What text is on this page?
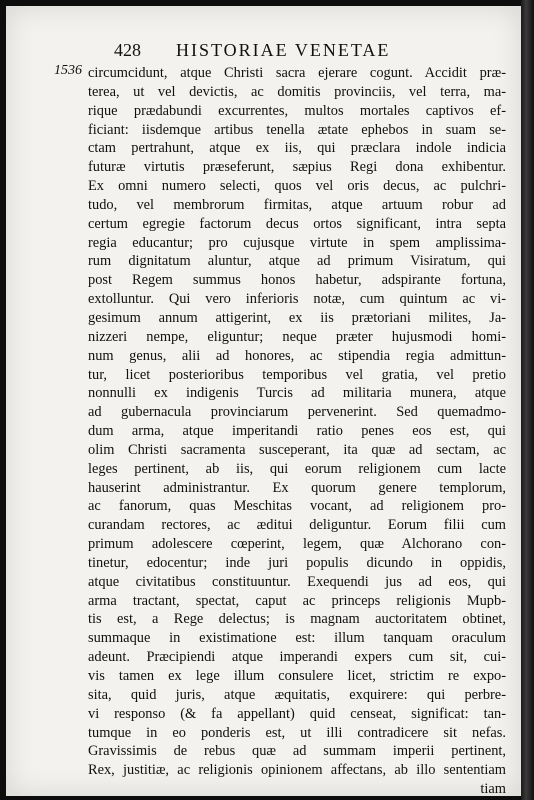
428 HISTORIAE VENETAE
1536 circumcidunt, atque Christi sacra ejerare cogunt. Accidit præ-
terea, ut vel devictis, ac domitis provinciis, vel terra, ma-
rique prædabundi excurrentes, multos mortales captivos ef-
ficiant: iisdemque artibus tenella ætate ephebos in suam se-
ctam pertrahunt, atque ex iis, qui præclara indole indicia
futuræ virtutis præseferunt, sæpius Regi dona exhibentur.
Ex omni numero selecti, quos vel oris decus, ac pulchri-
tudo, vel membrorum firmitas, atque artuum robur ad
certum egregie factorum decus ortos significant, intra septa
regia educantur; pro cujusque virtute in spem amplissima-
rum dignitatum aluntur, atque ad primum Visiratum, qui
post Regem summus honos habetur, adspirante fortuna,
extolluntur. Qui vero inferioris notæ, cum quintum ac vi-
gesimum annum attigerint, ex iis prætoriani milites, Ja-
nizzeri nempe, eliguntur; neque præter hujusmodi homi-
num genus, alii ad honores, ac stipendia regia admittun-
tur, licet posterioribus temporibus vel gratia, vel pretio
nonnulli ex indigenis Turcis ad militaria munera, atque
ad gubernacula provinciarum pervenerint. Sed quemadmo-
dum arma, atque imperitandi ratio penes eos est, qui
olim Christi sacramenta susceperant, ita quæ ad sectam, ac
leges pertinent, ab iis, qui eorum religionem cum lacte
hauserint administrantur. Ex quorum genere templorum,
ac fanorum, quas Meschitas vocant, ad religionem pro-
curandam rectores, ac æditui deliguntur. Eorum filii cum
primum adolescere cœperint, legem, quæ Alchorano con-
tinetur, edocentur; inde juri populis dicundo in oppidis,
atque civitatibus constituuntur. Exequendi jus ad eos, qui
arma tractant, spectat, caput ac princeps religionis Mupb-
tis est, a Rege delectus; is magnam auctoritatem obtinet,
summaque in existimatione est: illum tanquam oraculum
adeunt. Præcipiendi atque imperandi expers cum sit, cui-
vis tamen ex lege illum consulere licet, strictim re expo-
sita, quid juris, atque æquitatis, exquirere: qui perbre-
vi responso (& fa appellant) quid censeat, significat: tan-
tumque in eo ponderis est, ut illi contradicere sit nefas.
Gravissimis de rebus quæ ad summam imperii pertinent,
Rex, justitiæ, ac religionis opinionem affectans, ab illo sententiam
tiam
